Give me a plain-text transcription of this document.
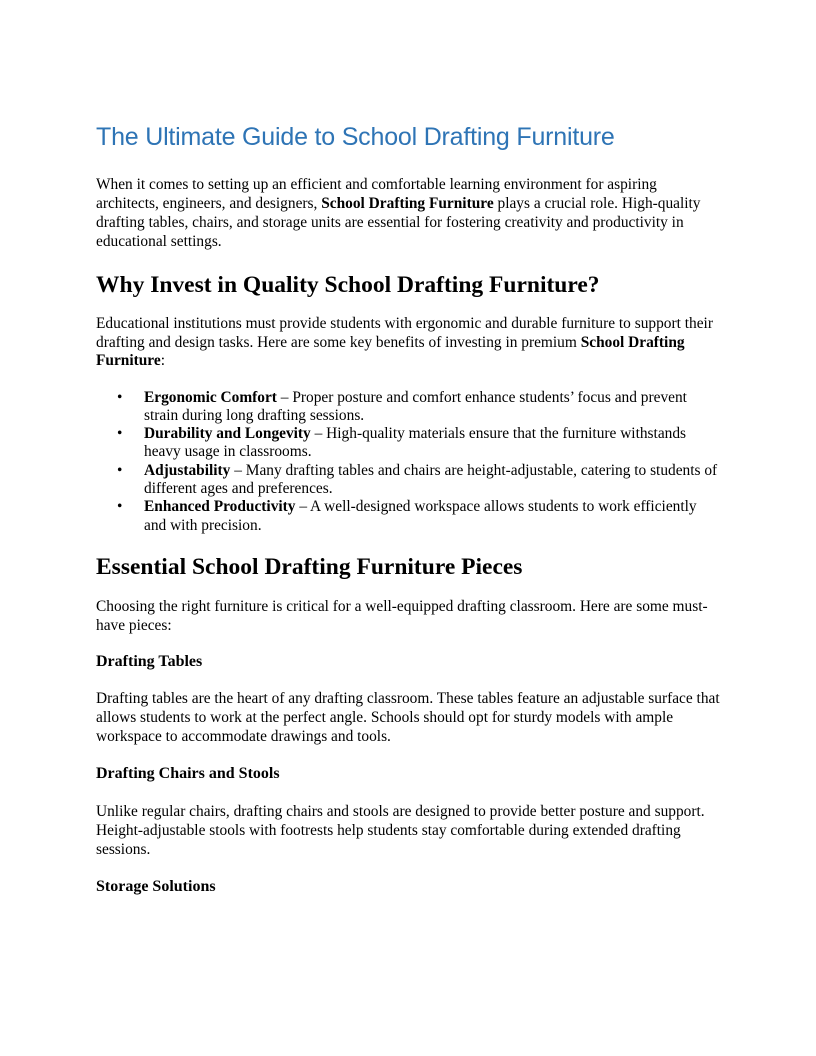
The Ultimate Guide to School Drafting Furniture

When it comes to setting up an efficient and comfortable learning environment for aspiring architects, engineers, and designers, School Drafting Furniture plays a crucial role. High-quality drafting tables, chairs, and storage units are essential for fostering creativity and productivity in educational settings.

Why Invest in Quality School Drafting Furniture?

Educational institutions must provide students with ergonomic and durable furniture to support their drafting and design tasks. Here are some key benefits of investing in premium School Drafting Furniture:

• Ergonomic Comfort – Proper posture and comfort enhance students’ focus and prevent strain during long drafting sessions.
• Durability and Longevity – High-quality materials ensure that the furniture withstands heavy usage in classrooms.
• Adjustability – Many drafting tables and chairs are height-adjustable, catering to students of different ages and preferences.
• Enhanced Productivity – A well-designed workspace allows students to work efficiently and with precision.
Essential School Drafting Furniture Pieces

Choosing the right furniture is critical for a well-equipped drafting classroom. Here are some must-have pieces:

Drafting Tables

Drafting tables are the heart of any drafting classroom. These tables feature an adjustable surface that allows students to work at the perfect angle. Schools should opt for sturdy models with ample workspace to accommodate drawings and tools.

Drafting Chairs and Stools

Unlike regular chairs, drafting chairs and stools are designed to provide better posture and support. Height-adjustable stools with footrests help students stay comfortable during extended drafting sessions.

Storage Solutions
